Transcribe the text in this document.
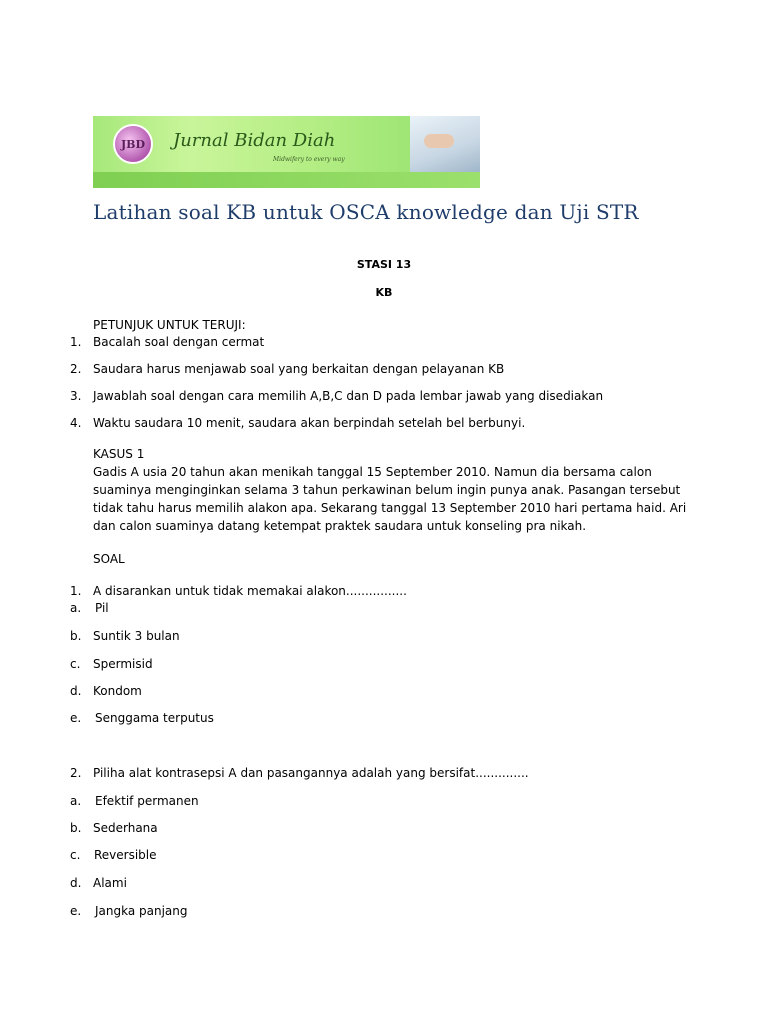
JBD	Jurnal Bidan Diah
Midwifery to every way
Latihan soal KB untuk OSCA knowledge dan Uji STR

STASI 13

KB

PETUNJUK UNTUK TERUJI:

1. Bacalah soal dengan cermat

2. Saudara harus menjawab soal yang berkaitan dengan pelayanan KB

3. Jawablah soal dengan cara memilih A,B,C dan D pada lembar jawab yang disediakan

4. Waktu saudara 10 menit, saudara akan berpindah setelah bel berbunyi.

KASUS 1

Gadis A usia 20 tahun akan menikah tanggal 15 September 2010. Namun dia bersama calon
suaminya menginginkan selama 3 tahun perkawinan belum ingin punya anak. Pasangan tersebut
tidak tahu harus memilih alakon apa. Sekarang tanggal 13 September 2010 hari pertama haid. Ari
dan calon suaminya datang ketempat praktek saudara untuk konseling pra nikah.

SOAL

1. A disarankan untuk tidak memakai alakon................

a. Pil

b. Suntik 3 bulan

c. Spermisid

d. Kondom

e. Senggama terputus

2. Piliha alat kontrasepsi A dan pasangannya adalah yang bersifat..............

a. Efektif permanen

b. Sederhana

c. Reversible

d. Alami

e. Jangka panjang
